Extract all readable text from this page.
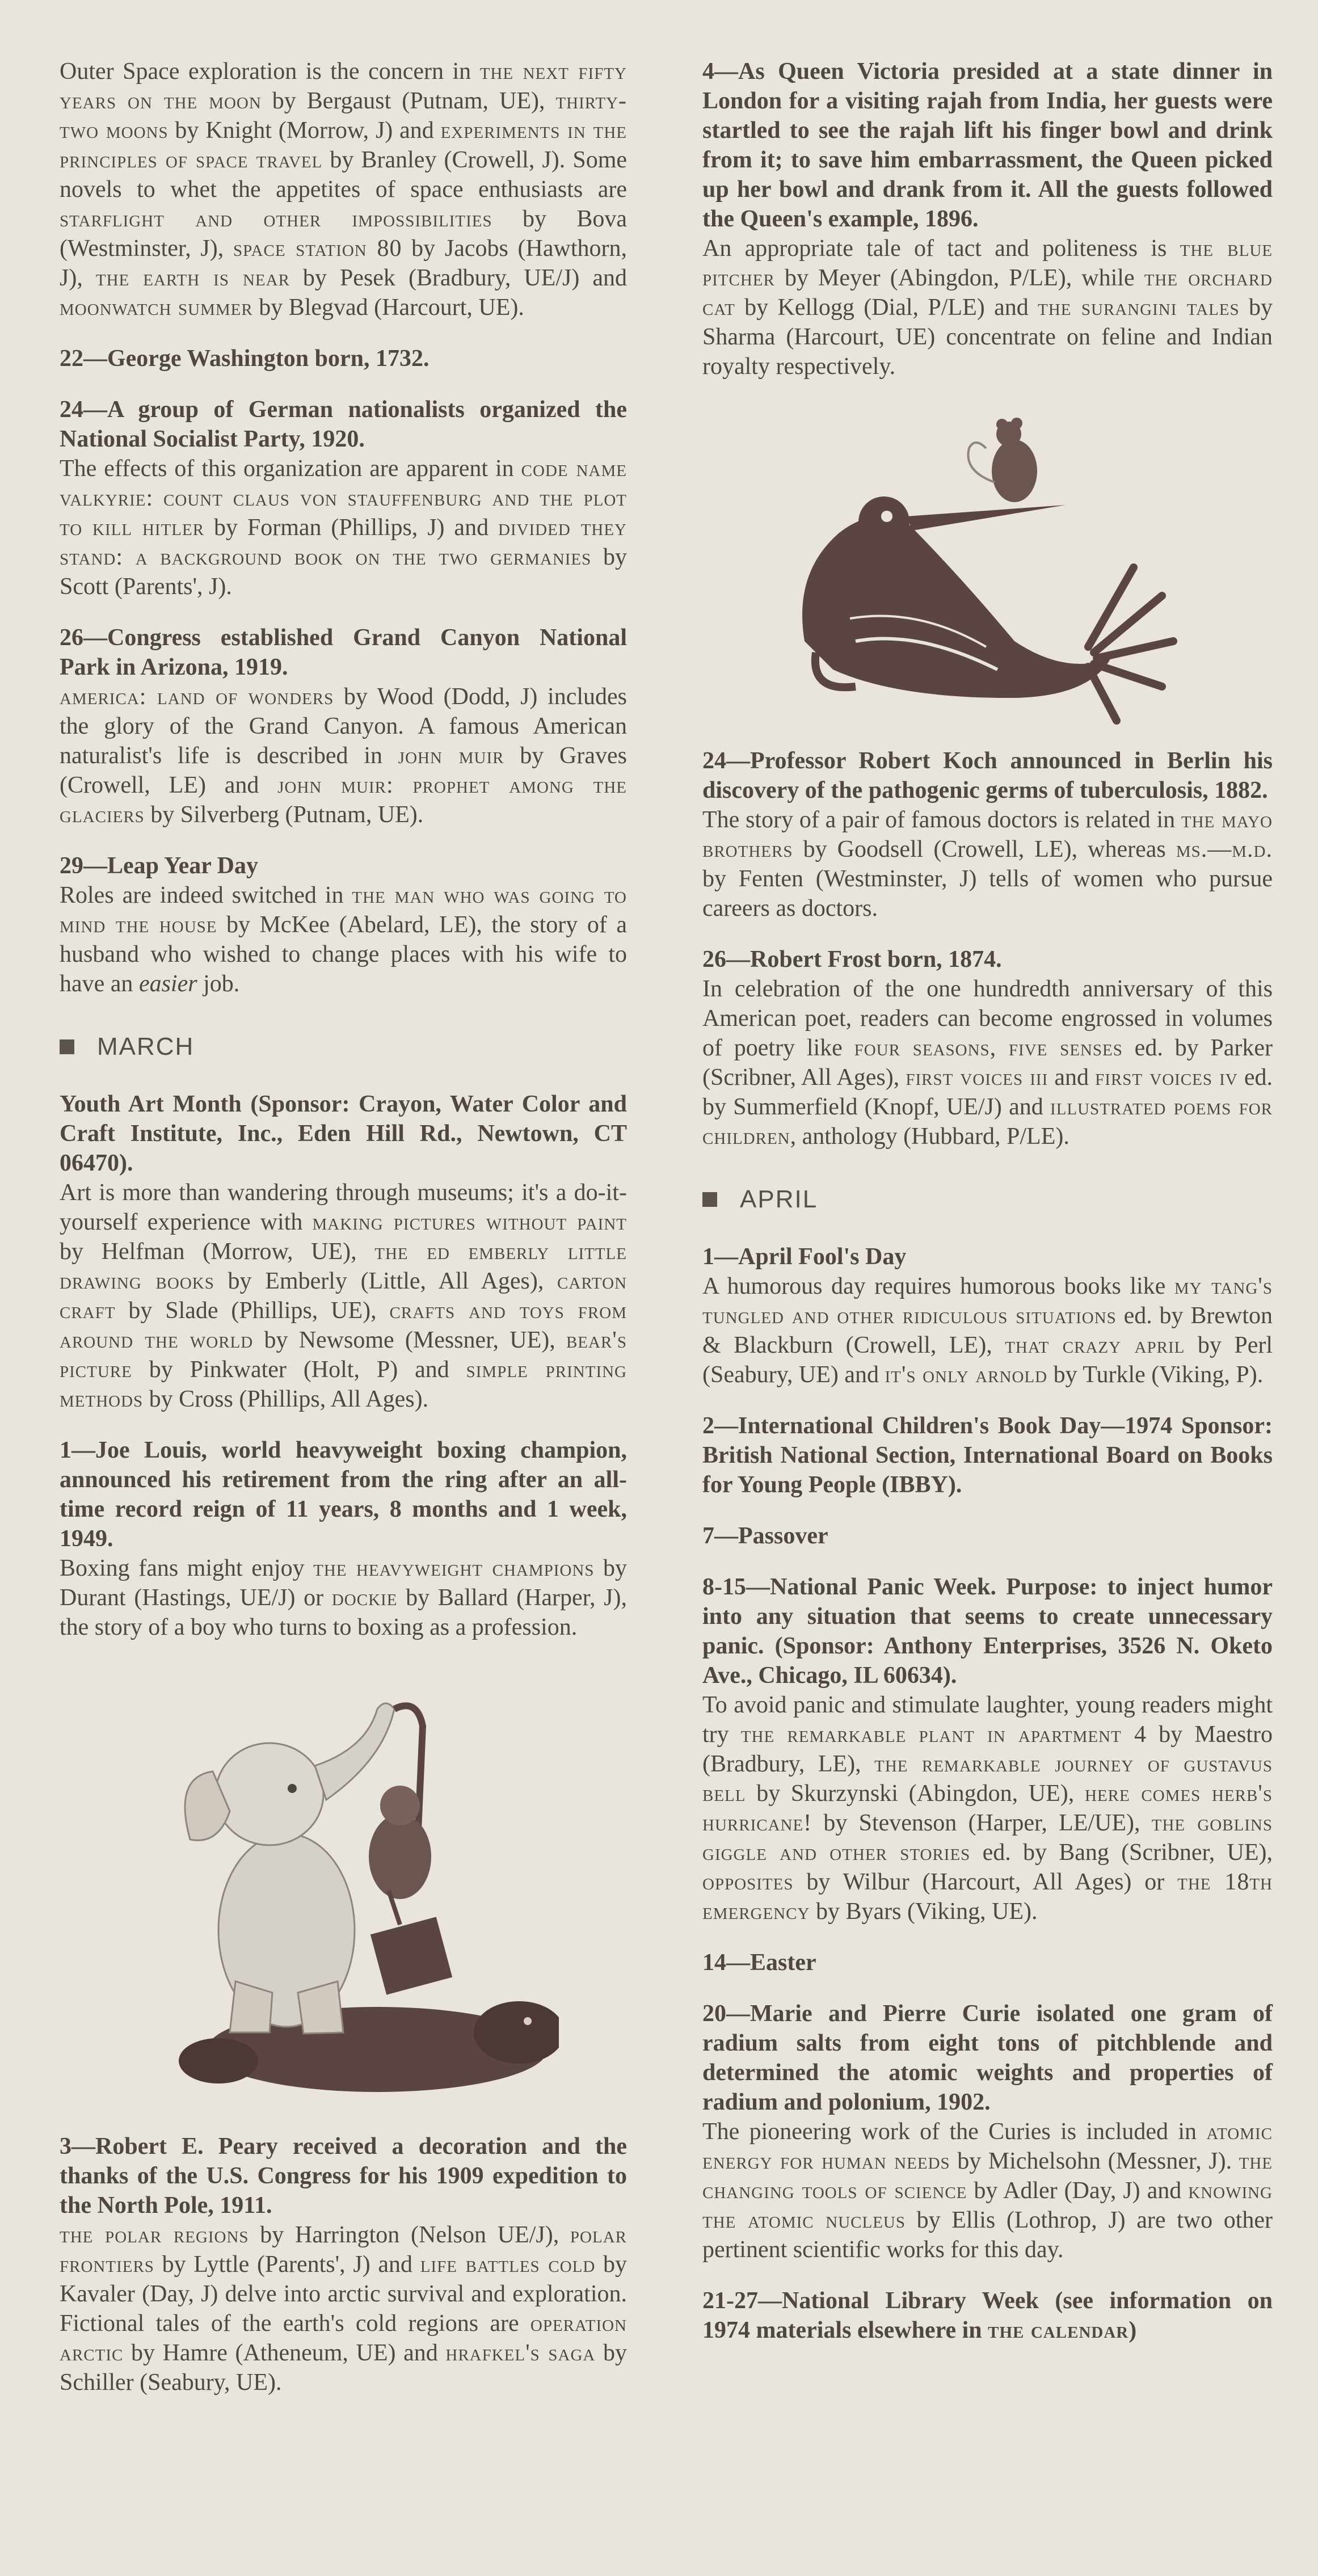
Outer Space exploration is the concern in the next fifty years on the moon by Bergaust (Putnam, UE), thirty-two moons by Knight (Morrow, J) and experiments in the principles of space travel by Branley (Crowell, J). Some novels to whet the appetites of space enthusiasts are starflight and other impossibilities by Bova (Westminster, J), space station 80 by Jacobs (Hawthorn, J), the earth is near by Pesek (Bradbury, UE/J) and moonwatch summer by Blegvad (Harcourt, UE).

22—George Washington born, 1732.

24—A group of German nationalists organized the National Socialist Party, 1920.

The effects of this organization are apparent in code name valkyrie: count claus von stauffenburg and the plot to kill hitler by Forman (Phillips, J) and divided they stand: a background book on the two germanies by Scott (Parents', J).

26—Congress established Grand Canyon National Park in Arizona, 1919.

america: land of wonders by Wood (Dodd, J) includes the glory of the Grand Canyon. A famous American naturalist's life is described in john muir by Graves (Crowell, LE) and john muir: prophet among the glaciers by Silverberg (Putnam, UE).

29—Leap Year Day

Roles are indeed switched in the man who was going to mind the house by McKee (Abelard, LE), the story of a husband who wished to change places with his wife to have an easier job.

MARCH

Youth Art Month (Sponsor: Crayon, Water Color and Craft Institute, Inc., Eden Hill Rd., Newtown, CT 06470).

Art is more than wandering through museums; it's a do-it-yourself experience with making pictures without paint by Helfman (Morrow, UE), the ed emberly little drawing books by Emberly (Little, All Ages), carton craft by Slade (Phillips, UE), crafts and toys from around the world by Newsome (Messner, UE), bear's picture by Pinkwater (Holt, P) and simple printing methods by Cross (Phillips, All Ages).

1—Joe Louis, world heavyweight boxing champion, announced his retirement from the ring after an all-time record reign of 11 years, 8 months and 1 week, 1949.

Boxing fans might enjoy the heavyweight champions by Durant (Hastings, UE/J) or dockie by Ballard (Harper, J), the story of a boy who turns to boxing as a profession.

3—Robert E. Peary received a decoration and the thanks of the U.S. Congress for his 1909 expedition to the North Pole, 1911.

the polar regions by Harrington (Nelson UE/J), polar frontiers by Lyttle (Parents', J) and life battles cold by Kavaler (Day, J) delve into arctic survival and exploration. Fictional tales of the earth's cold regions are operation arctic by Hamre (Atheneum, UE) and hrafkel's saga by Schiller (Seabury, UE).

4—As Queen Victoria presided at a state dinner in London for a visiting rajah from India, her guests were startled to see the rajah lift his finger bowl and drink from it; to save him embarrassment, the Queen picked up her bowl and drank from it. All the guests followed the Queen's example, 1896.

An appropriate tale of tact and politeness is the blue pitcher by Meyer (Abingdon, P/LE), while the orchard cat by Kellogg (Dial, P/LE) and the surangini tales by Sharma (Harcourt, UE) concentrate on feline and Indian royalty respectively.

24—Professor Robert Koch announced in Berlin his discovery of the pathogenic germs of tuberculosis, 1882.

The story of a pair of famous doctors is related in the mayo brothers by Goodsell (Crowell, LE), whereas ms.—m.d. by Fenten (Westminster, J) tells of women who pursue careers as doctors.

26—Robert Frost born, 1874.

In celebration of the one hundredth anniversary of this American poet, readers can become engrossed in volumes of poetry like four seasons, five senses ed. by Parker (Scribner, All Ages), first voices iii and first voices iv ed. by Summerfield (Knopf, UE/J) and illustrated poems for children, anthology (Hubbard, P/LE).

APRIL

1—April Fool's Day

A humorous day requires humorous books like my tang's tungled and other ridiculous situations ed. by Brewton & Blackburn (Crowell, LE), that crazy april by Perl (Seabury, UE) and it's only arnold by Turkle (Viking, P).

2—International Children's Book Day—1974 Sponsor: British National Section, International Board on Books for Young People (IBBY).

7—Passover

8-15—National Panic Week. Purpose: to inject humor into any situation that seems to create unnecessary panic. (Sponsor: Anthony Enterprises, 3526 N. Oketo Ave., Chicago, IL 60634).

To avoid panic and stimulate laughter, young readers might try the remarkable plant in apartment 4 by Maestro (Bradbury, LE), the remarkable journey of gustavus bell by Skurzynski (Abingdon, UE), here comes herb's hurricane! by Stevenson (Harper, LE/UE), the goblins giggle and other stories ed. by Bang (Scribner, UE), opposites by Wilbur (Harcourt, All Ages) or the 18th emergency by Byars (Viking, UE).

14—Easter

20—Marie and Pierre Curie isolated one gram of radium salts from eight tons of pitchblende and determined the atomic weights and properties of radium and polonium, 1902.

The pioneering work of the Curies is included in atomic energy for human needs by Michelsohn (Messner, J). the changing tools of science by Adler (Day, J) and knowing the atomic nucleus by Ellis (Lothrop, J) are two other pertinent scientific works for this day.

21-27—National Library Week (see information on 1974 materials elsewhere in the calendar)
